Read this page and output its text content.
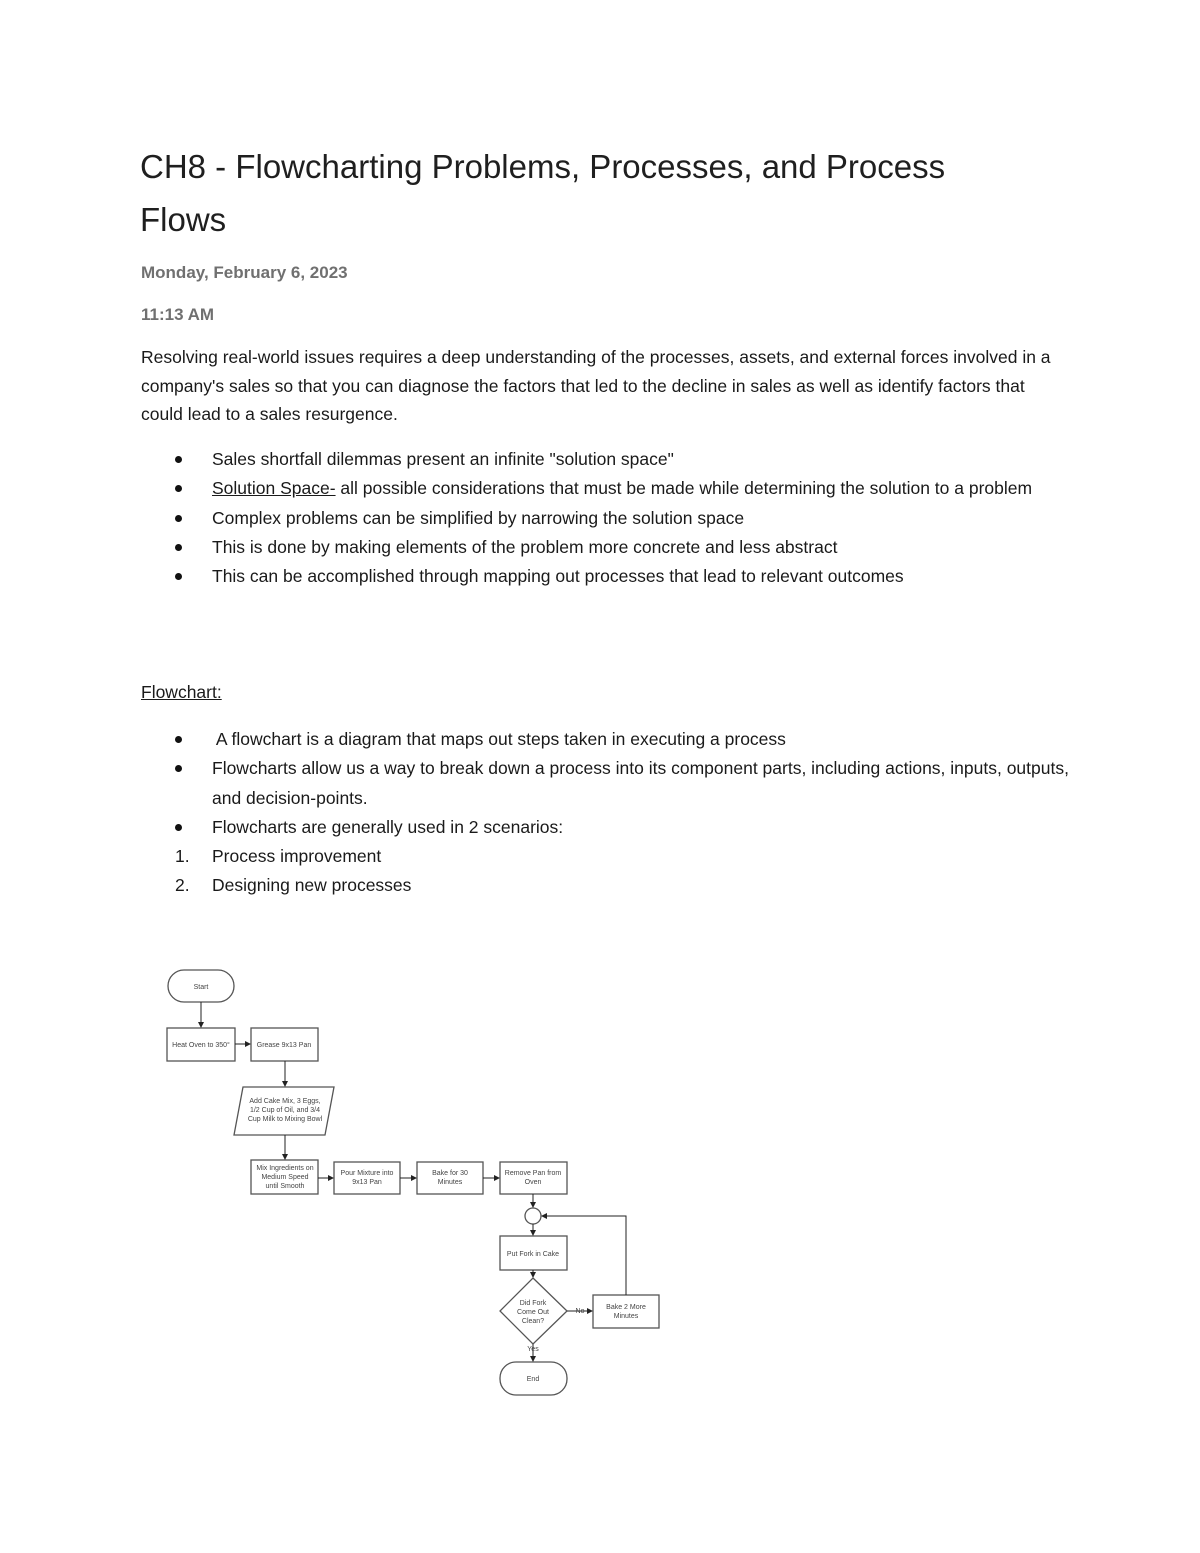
CH8 - Flowcharting Problems, Processes, and Process Flows
Monday, February 6, 2023
11:13 AM

Resolving real-world issues requires a deep understanding of the processes, assets, and external forces involved in a company's sales so that you can diagnose the factors that led to the decline in sales as well as identify factors that could lead to a sales resurgence.

Sales shortfall dilemmas present an infinite "solution space"
Solution Space- all possible considerations that must be made while determining the solution to a problem
Complex problems can be simplified by narrowing the solution space
This is done by making elements of the problem more concrete and less abstract
This can be accomplished through mapping out processes that lead to relevant outcomes
Flowchart:
A flowchart is a diagram that maps out steps taken in executing a process
Flowcharts allow us a way to break down a process into its component parts, including actions, inputs, outputs, and decision-points.
Flowcharts are generally used in 2 scenarios:
1. Process improvement
2. Designing new processes
Start
Heat Oven to 350°	Grease 9x13 Pan
Add Cake Mix, 3 Eggs,
1/2 Cup of Oil, and 3/4
Cup Milk to Mixing Bowl
Mix Ingredients on
Medium Speed
until Smooth
Pour Mixture into
9x13 Pan
Bake for 30
Minutes
Remove Pan from
Oven
Put Fork in Cake
Did Fork
Come Out
Clean?
No
Bake 2 More
Minutes
Yes
End
